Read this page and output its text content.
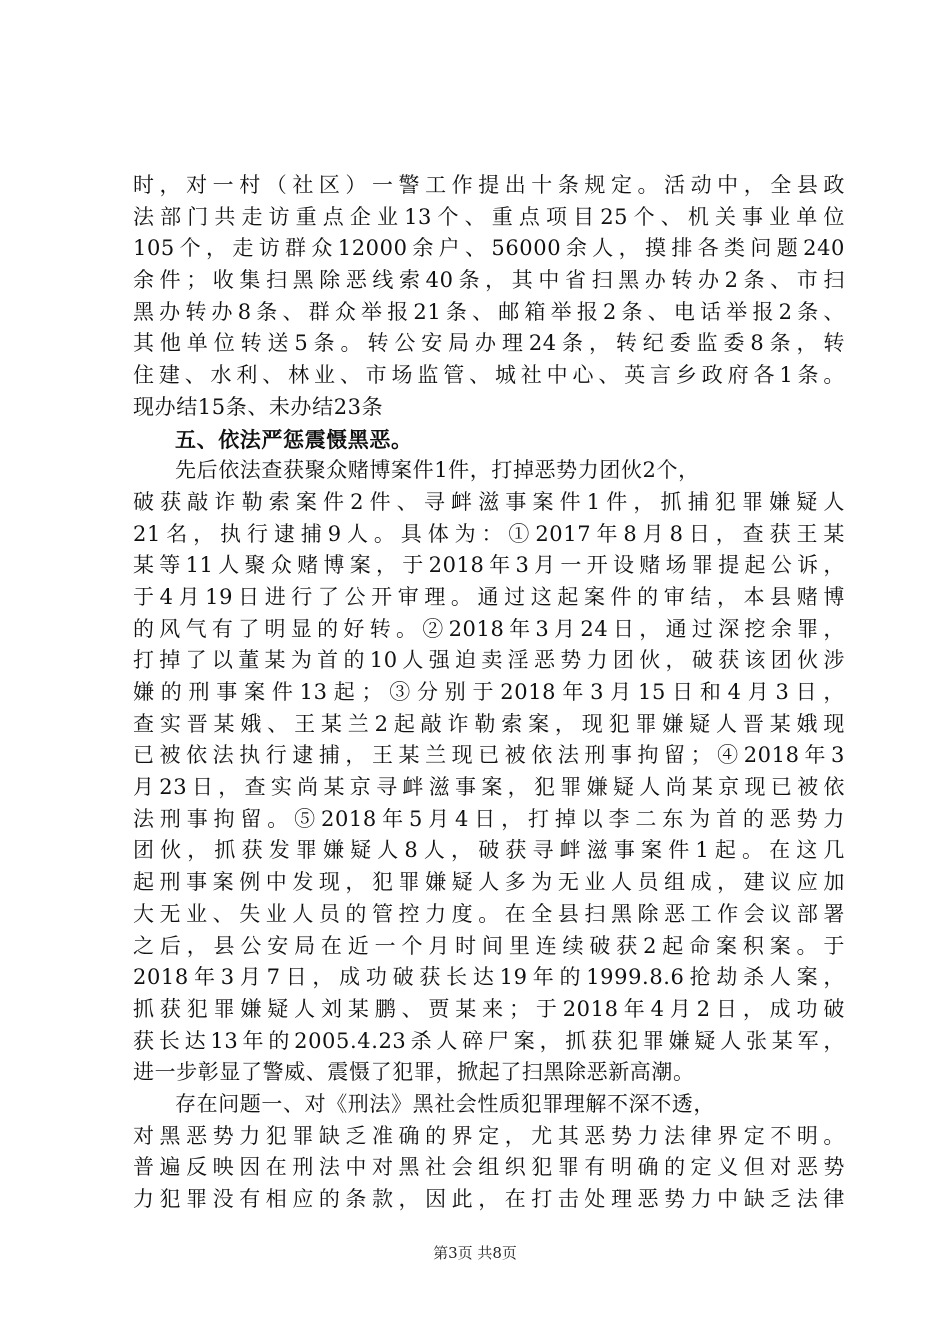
时，对一村（社区）一警工作提出十条规定。活动中，全县政
法部门共走访重点企业13个、重点项目25个、机关事业单位
105个，走访群众12000余户、56000余人，摸排各类问题240
余件；收集扫黑除恶线索40条，其中省扫黑办转办2条、市扫
黑办转办8条、群众举报21条、邮箱举报2条、电话举报2条、
其他单位转送5条。转公安局办理24条，转纪委监委8条，转
住建、水利、林业、市场监管、城社中心、英言乡政府各1条。
现办结15条、未办结23条
五、依法严惩震慑黑恶。
先后依法查获聚众赌博案件1件，打掉恶势力团伙2个，
破获敲诈勒索案件2件、寻衅滋事案件1件，抓捕犯罪嫌疑人
21名，执行逮捕9人。具体为：①2017年8月8日，查获王某
某等11人聚众赌博案，于2018年3月一开设赌场罪提起公诉，
于4月19日进行了公开审理。通过这起案件的审结，本县赌博
的风气有了明显的好转。②2018年3月24日，通过深挖余罪，
打掉了以董某为首的10人强迫卖淫恶势力团伙，破获该团伙涉
嫌的刑事案件13起；③分别于2018年3月15日和4月3日，
查实晋某娥、王某兰2起敲诈勒索案，现犯罪嫌疑人晋某娥现
已被依法执行逮捕，王某兰现已被依法刑事拘留；④2018年3
月23日，查实尚某京寻衅滋事案，犯罪嫌疑人尚某京现已被依
法刑事拘留。⑤2018年5月4日，打掉以李二东为首的恶势力
团伙，抓获发罪嫌疑人8人，破获寻衅滋事案件1起。在这几
起刑事案例中发现，犯罪嫌疑人多为无业人员组成，建议应加
大无业、失业人员的管控力度。在全县扫黑除恶工作会议部署
之后，县公安局在近一个月时间里连续破获2起命案积案。于
2018年3月7日，成功破获长达19年的1999.8.6抢劫杀人案，
抓获犯罪嫌疑人刘某鹏、贾某来；于2018年4月2日，成功破
获长达13年的2005.4.23杀人碎尸案，抓获犯罪嫌疑人张某军，
进一步彰显了警威、震慑了犯罪，掀起了扫黑除恶新高潮。
存在问题一、对《刑法》黑社会性质犯罪理解不深不透，
对黑恶势力犯罪缺乏准确的界定，尤其恶势力法律界定不明。
普遍反映因在刑法中对黑社会组织犯罪有明确的定义但对恶势
力犯罪没有相应的条款，因此，在打击处理恶势力中缺乏法律
第3页 共8页
